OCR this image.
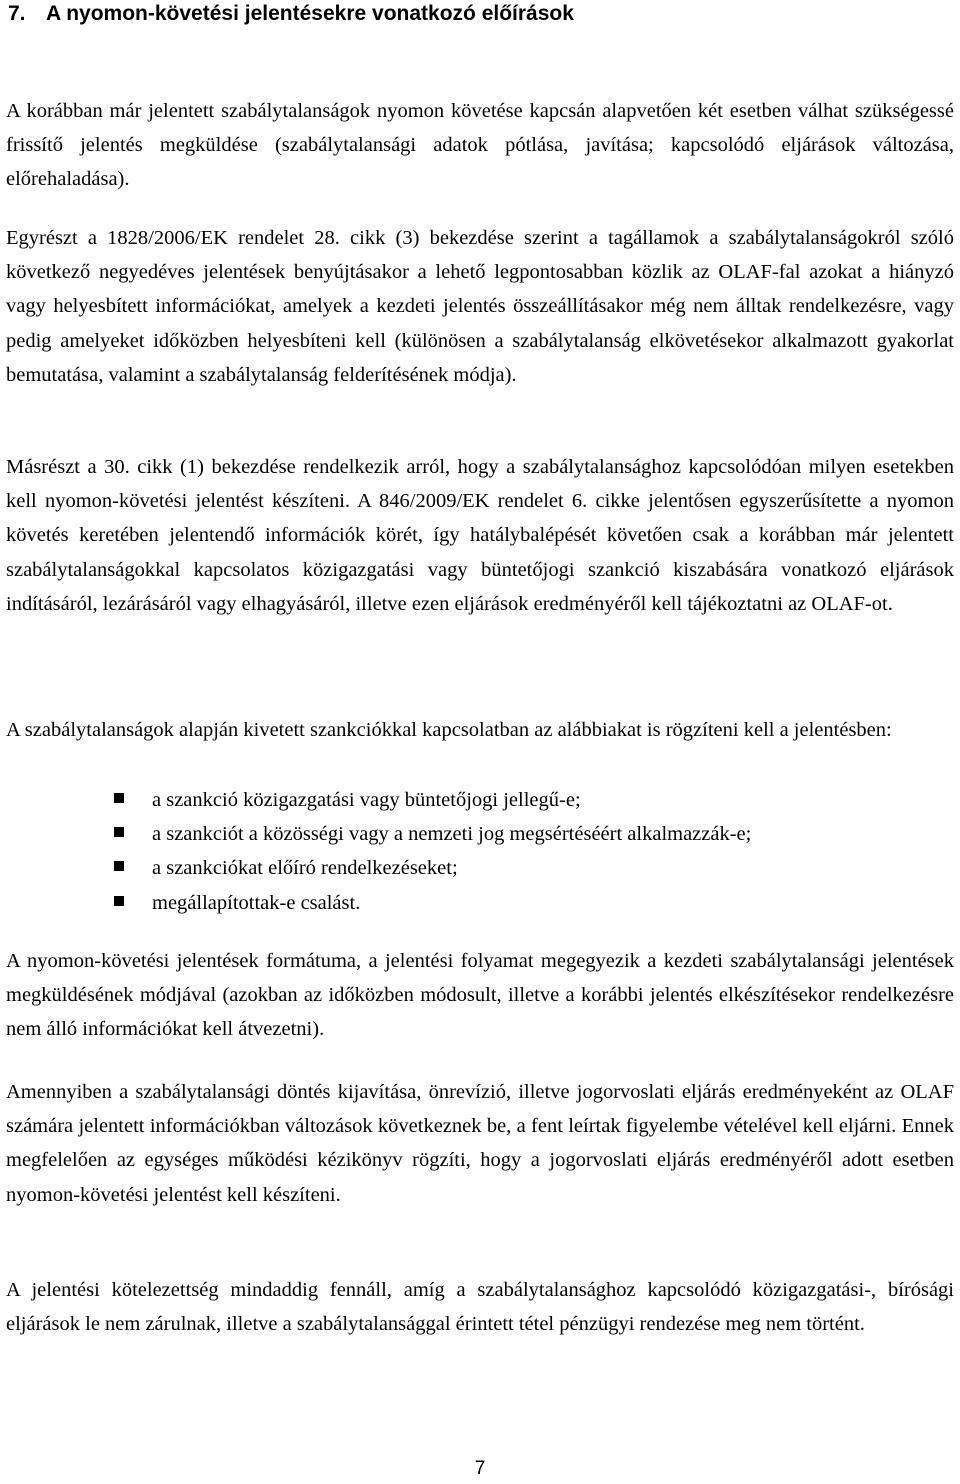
7. A nyomon-követési jelentésekre vonatkozó előírások

A korábban már jelentett szabálytalanságok nyomon követése kapcsán alapvetően két esetben válhat szükségessé frissítő jelentés megküldése (szabálytalansági adatok pótlása, javítása; kapcsolódó eljárások változása, előrehaladása).

Egyrészt a 1828/2006/EK rendelet 28. cikk (3) bekezdése szerint a tagállamok a szabálytalanságokról szóló következő negyedéves jelentések benyújtásakor a lehető legpontosabban közlik az OLAF-fal azokat a hiányzó vagy helyesbített információkat, amelyek a kezdeti jelentés összeállításakor még nem álltak rendelkezésre, vagy pedig amelyeket időközben helyesbíteni kell (különösen a szabálytalanság elkövetésekor alkalmazott gyakorlat bemutatása, valamint a szabálytalanság felderítésének módja).

Másrészt a 30. cikk (1) bekezdése rendelkezik arról, hogy a szabálytalansághoz kapcsolódóan milyen esetekben kell nyomon-követési jelentést készíteni. A 846/2009/EK rendelet 6. cikke jelentősen egyszerűsítette a nyomon követés keretében jelentendő információk körét, így hatálybalépését követően csak a korábban már jelentett szabálytalanságokkal kapcsolatos közigazgatási vagy büntetőjogi szankció kiszabására vonatkozó eljárások indításáról, lezárásáról vagy elhagyásáról, illetve ezen eljárások eredményéről kell tájékoztatni az OLAF-ot.

A szabálytalanságok alapján kivetett szankciókkal kapcsolatban az alábbiakat is rögzíteni kell a jelentésben:

a szankció közigazgatási vagy büntetőjogi jellegű-e;
a szankciót a közösségi vagy a nemzeti jog megsértéséért alkalmazzák-e;
a szankciókat előíró rendelkezéseket;
megállapítottak-e csalást.

A nyomon-követési jelentések formátuma, a jelentési folyamat megegyezik a kezdeti szabálytalansági jelentések megküldésének módjával (azokban az időközben módosult, illetve a korábbi jelentés elkészítésekor rendelkezésre nem álló információkat kell átvezetni).

Amennyiben a szabálytalansági döntés kijavítása, önrevízió, illetve jogorvoslati eljárás eredményeként az OLAF számára jelentett információkban változások következnek be, a fent leírtak figyelembe vételével kell eljárni. Ennek megfelelően az egységes működési kézikönyv rögzíti, hogy a jogorvoslati eljárás eredményéről adott esetben nyomon-követési jelentést kell készíteni.

A jelentési kötelezettség mindaddig fennáll, amíg a szabálytalansághoz kapcsolódó közigazgatási-, bírósági eljárások le nem zárulnak, illetve a szabálytalansággal érintett tétel pénzügyi rendezése meg nem történt.

7
